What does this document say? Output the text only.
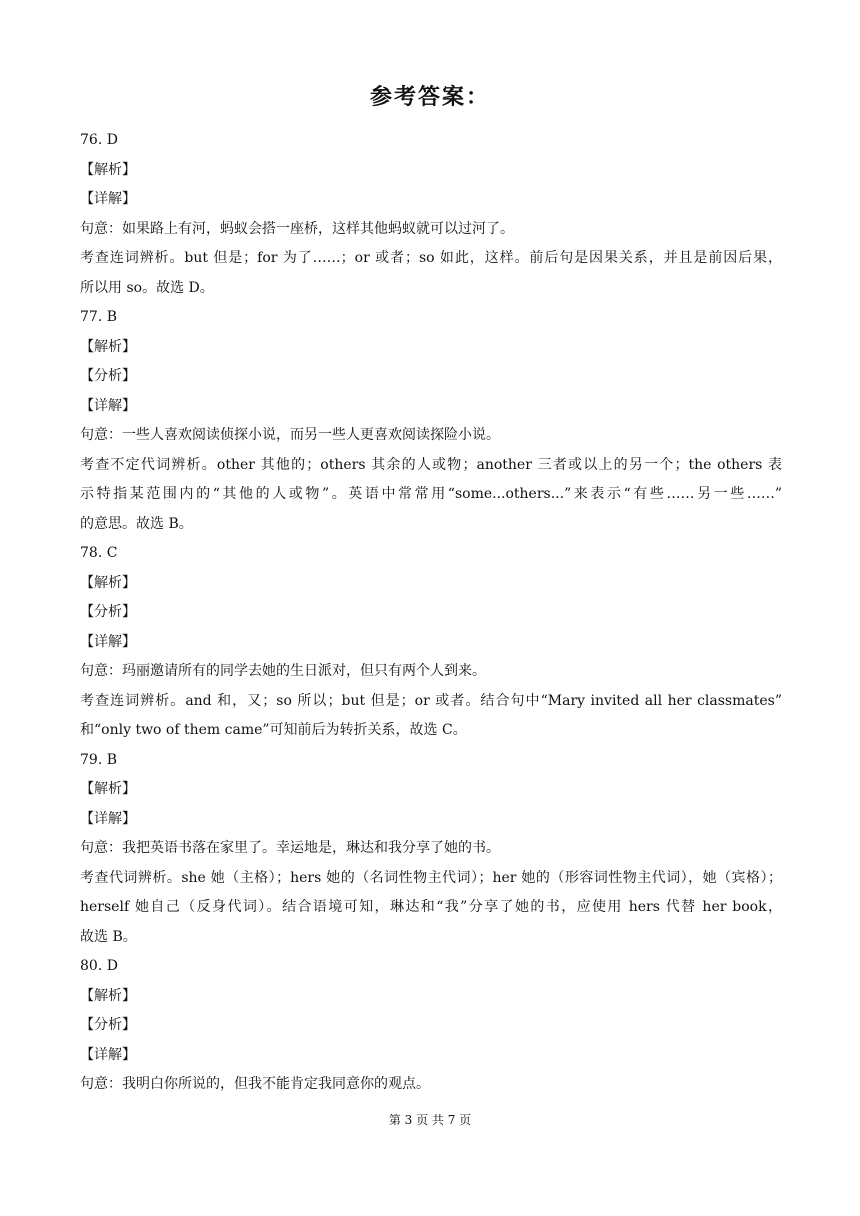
参考答案：

76. D

【解析】

【详解】

句意：如果路上有河，蚂蚁会搭一座桥，这样其他蚂蚁就可以过河了。

考查连词辨析。but 但是；for 为了……；or 或者；so 如此，这样。前后句是因果关系，并且是前因后果，

所以用 so。故选 D。

77. B

【解析】

【分析】

【详解】

句意：一些人喜欢阅读侦探小说，而另一些人更喜欢阅读探险小说。

考查不定代词辨析。other 其他的；others 其余的人或物；another 三者或以上的另一个；the others 表

示特指某范围内的“其他的人或物”。英语中常常用“some...others...”来表示“有些……另一些……”

的意思。故选 B。

78. C

【解析】

【分析】

【详解】

句意：玛丽邀请所有的同学去她的生日派对，但只有两个人到来。

考查连词辨析。and 和，又；so 所以；but 但是；or 或者。结合句中“Mary invited all her classmates”

和“only two of them came”可知前后为转折关系，故选 C。

79. B

【解析】

【详解】

句意：我把英语书落在家里了。幸运地是，琳达和我分享了她的书。

考查代词辨析。she 她（主格）；hers 她的（名词性物主代词）；her 她的（形容词性物主代词），她（宾格）；

herself 她自己（反身代词）。结合语境可知，琳达和“我”分享了她的书，应使用 hers 代替 her book，

故选 B。

80. D

【解析】

【分析】

【详解】

句意：我明白你所说的，但我不能肯定我同意你的观点。

第 3 页 共 7 页
